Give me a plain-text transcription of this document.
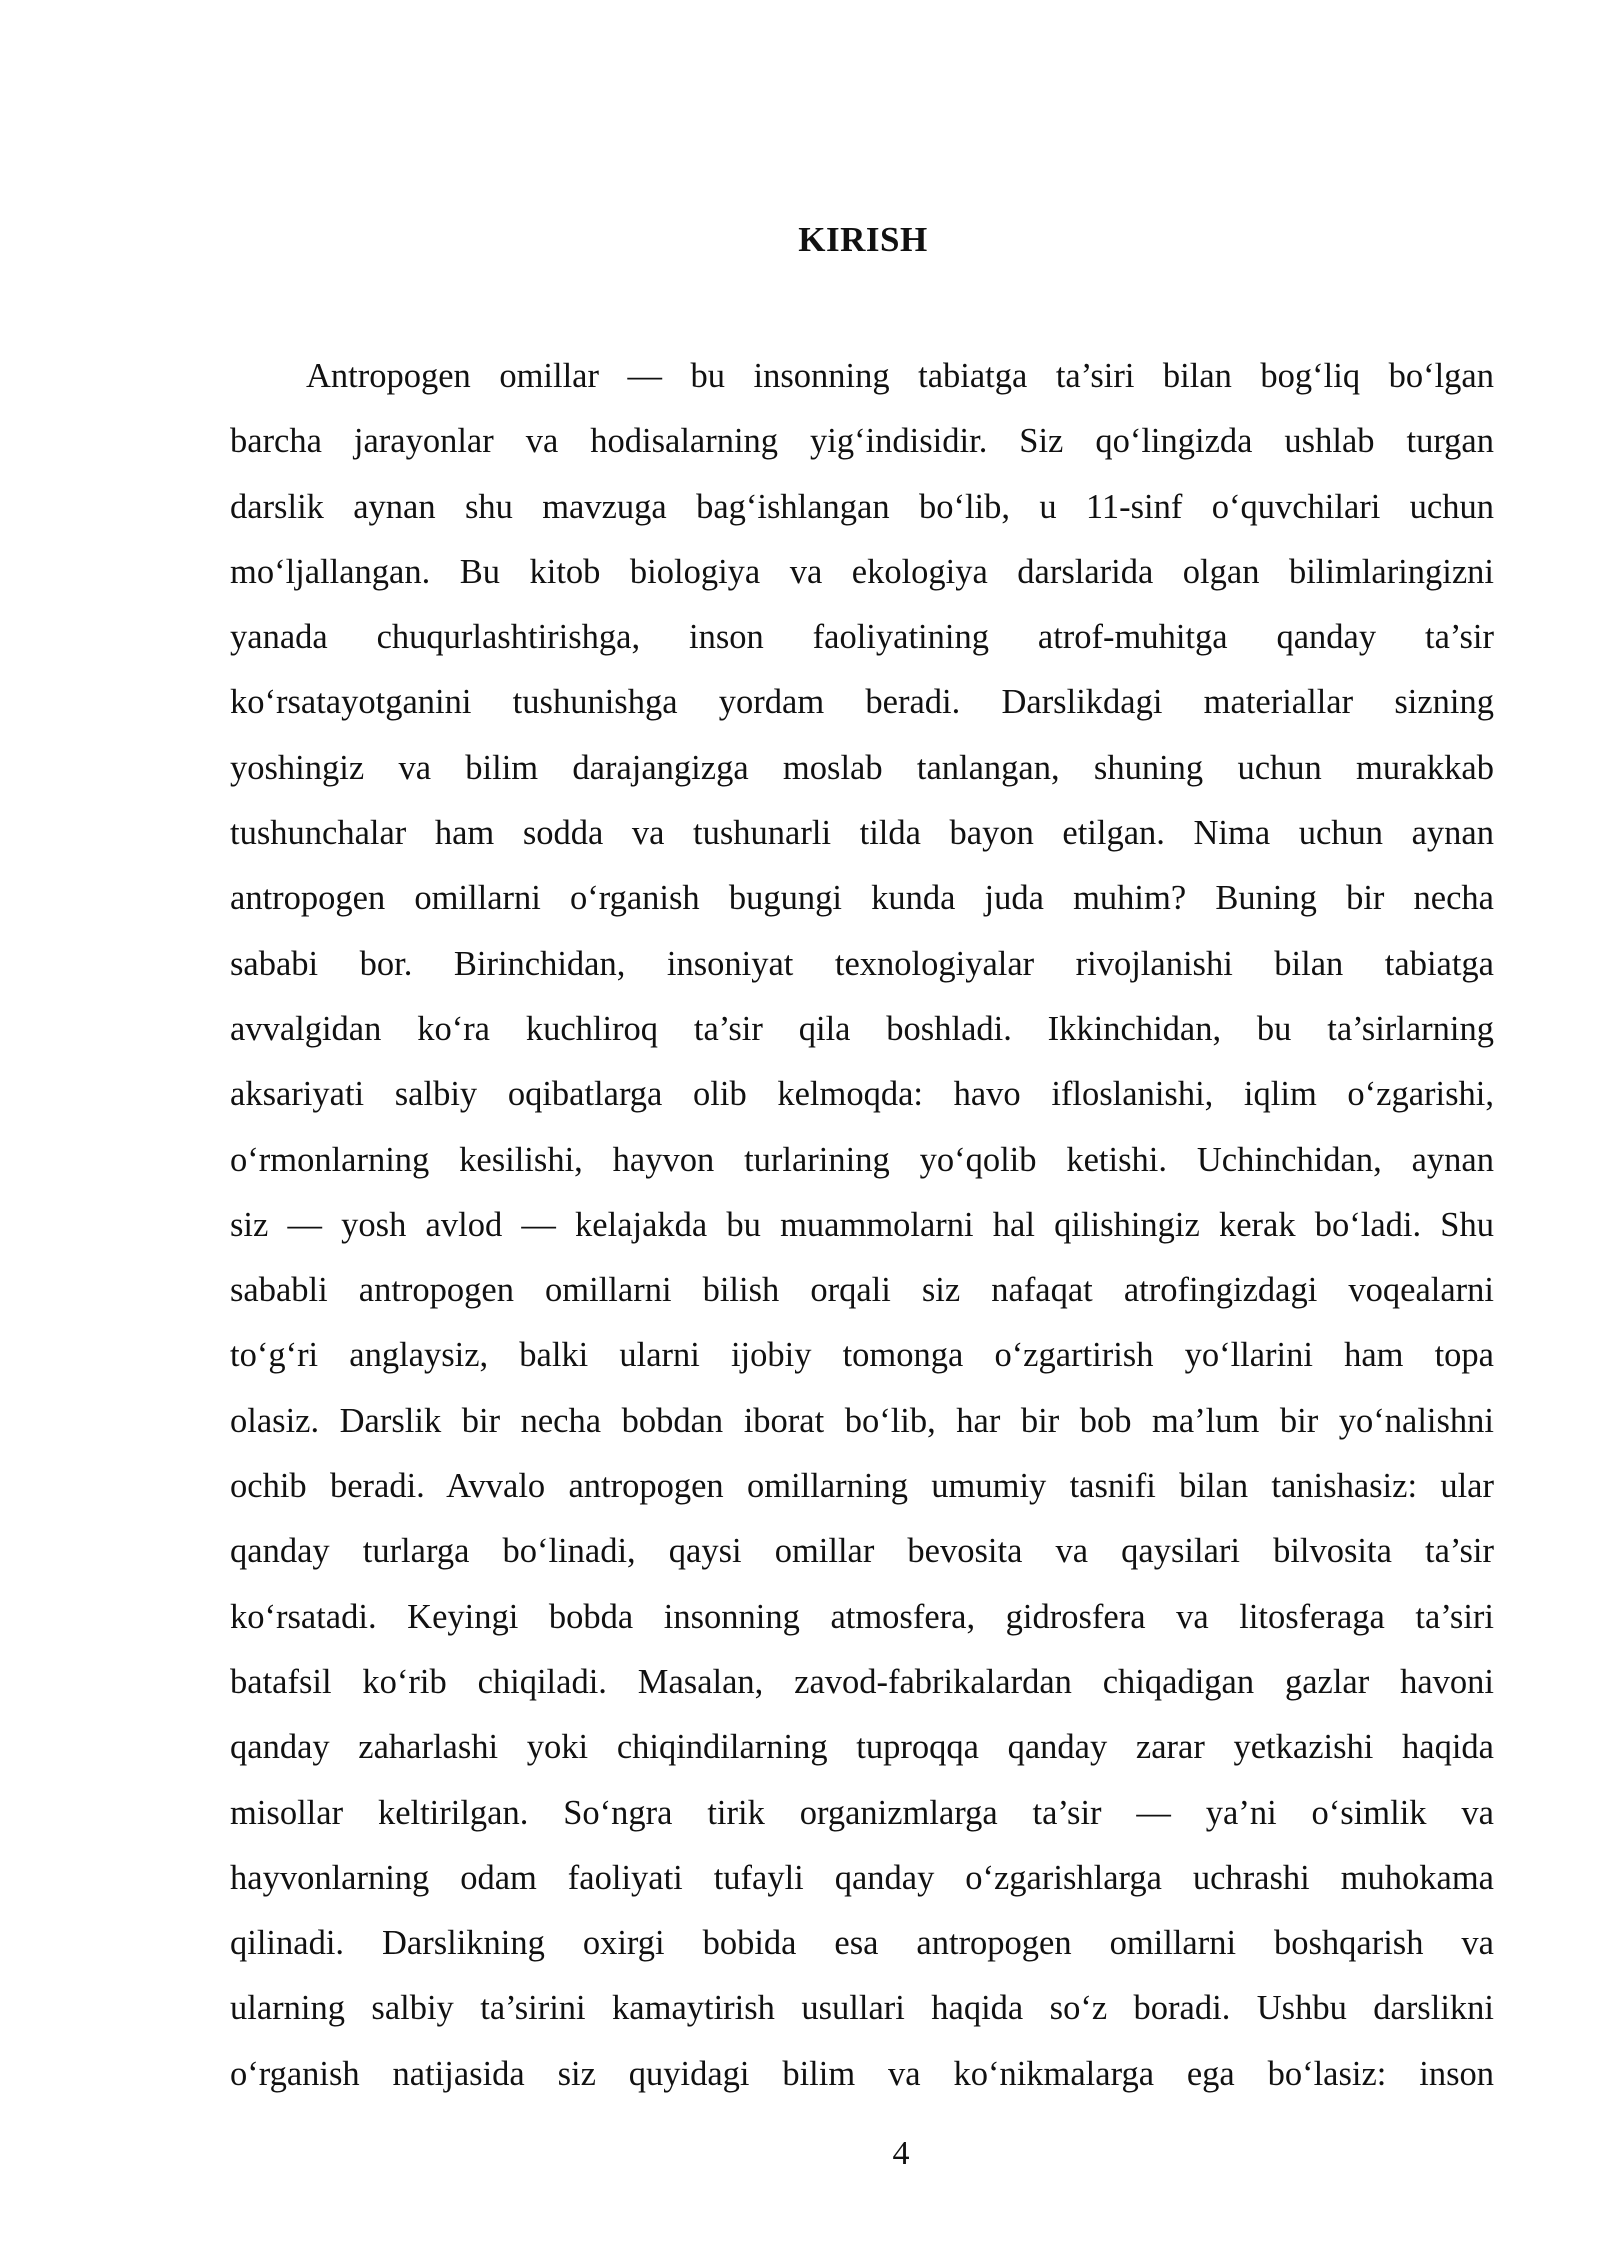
KIRISH
Antropogen omillar — bu insonning tabiatga ta’siri bilan bog‘liq bo‘lgan
barcha jarayonlar va hodisalarning yig‘indisidir. Siz qo‘lingizda ushlab turgan
darslik aynan shu mavzuga bag‘ishlangan bo‘lib, u 11-sinf o‘quvchilari uchun
mo‘ljallangan. Bu kitob biologiya va ekologiya darslarida olgan bilimlaringizni
yanada chuqurlashtirishga, inson faoliyatining atrof-muhitga qanday ta’sir
ko‘rsatayotganini tushunishga yordam beradi. Darslikdagi materiallar sizning
yoshingiz va bilim darajangizga moslab tanlangan, shuning uchun murakkab
tushunchalar ham sodda va tushunarli tilda bayon etilgan. Nima uchun aynan
antropogen omillarni o‘rganish bugungi kunda juda muhim? Buning bir necha
sababi bor. Birinchidan, insoniyat texnologiyalar rivojlanishi bilan tabiatga
avvalgidan ko‘ra kuchliroq ta’sir qila boshladi. Ikkinchidan, bu ta’sirlarning
aksariyati salbiy oqibatlarga olib kelmoqda: havo ifloslanishi, iqlim o‘zgarishi,
o‘rmonlarning kesilishi, hayvon turlarining yo‘qolib ketishi. Uchinchidan, aynan
siz — yosh avlod — kelajakda bu muammolarni hal qilishingiz kerak bo‘ladi. Shu
sababli antropogen omillarni bilish orqali siz nafaqat atrofingizdagi voqealarni
to‘g‘ri anglaysiz, balki ularni ijobiy tomonga o‘zgartirish yo‘llarini ham topa
olasiz. Darslik bir necha bobdan iborat bo‘lib, har bir bob ma’lum bir yo‘nalishni
ochib beradi. Avvalo antropogen omillarning umumiy tasnifi bilan tanishasiz: ular
qanday turlarga bo‘linadi, qaysi omillar bevosita va qaysilari bilvosita ta’sir
ko‘rsatadi. Keyingi bobda insonning atmosfera, gidrosfera va litosferaga ta’siri
batafsil ko‘rib chiqiladi. Masalan, zavod-fabrikalardan chiqadigan gazlar havoni
qanday zaharlashi yoki chiqindilarning tuproqqa qanday zarar yetkazishi haqida
misollar keltirilgan. So‘ngra tirik organizmlarga ta’sir — ya’ni o‘simlik va
hayvonlarning odam faoliyati tufayli qanday o‘zgarishlarga uchrashi muhokama
qilinadi. Darslikning oxirgi bobida esa antropogen omillarni boshqarish va
ularning salbiy ta’sirini kamaytirish usullari haqida so‘z boradi. Ushbu darslikni
o‘rganish natijasida siz quyidagi bilim va ko‘nikmalarga ega bo‘lasiz: inson
4
